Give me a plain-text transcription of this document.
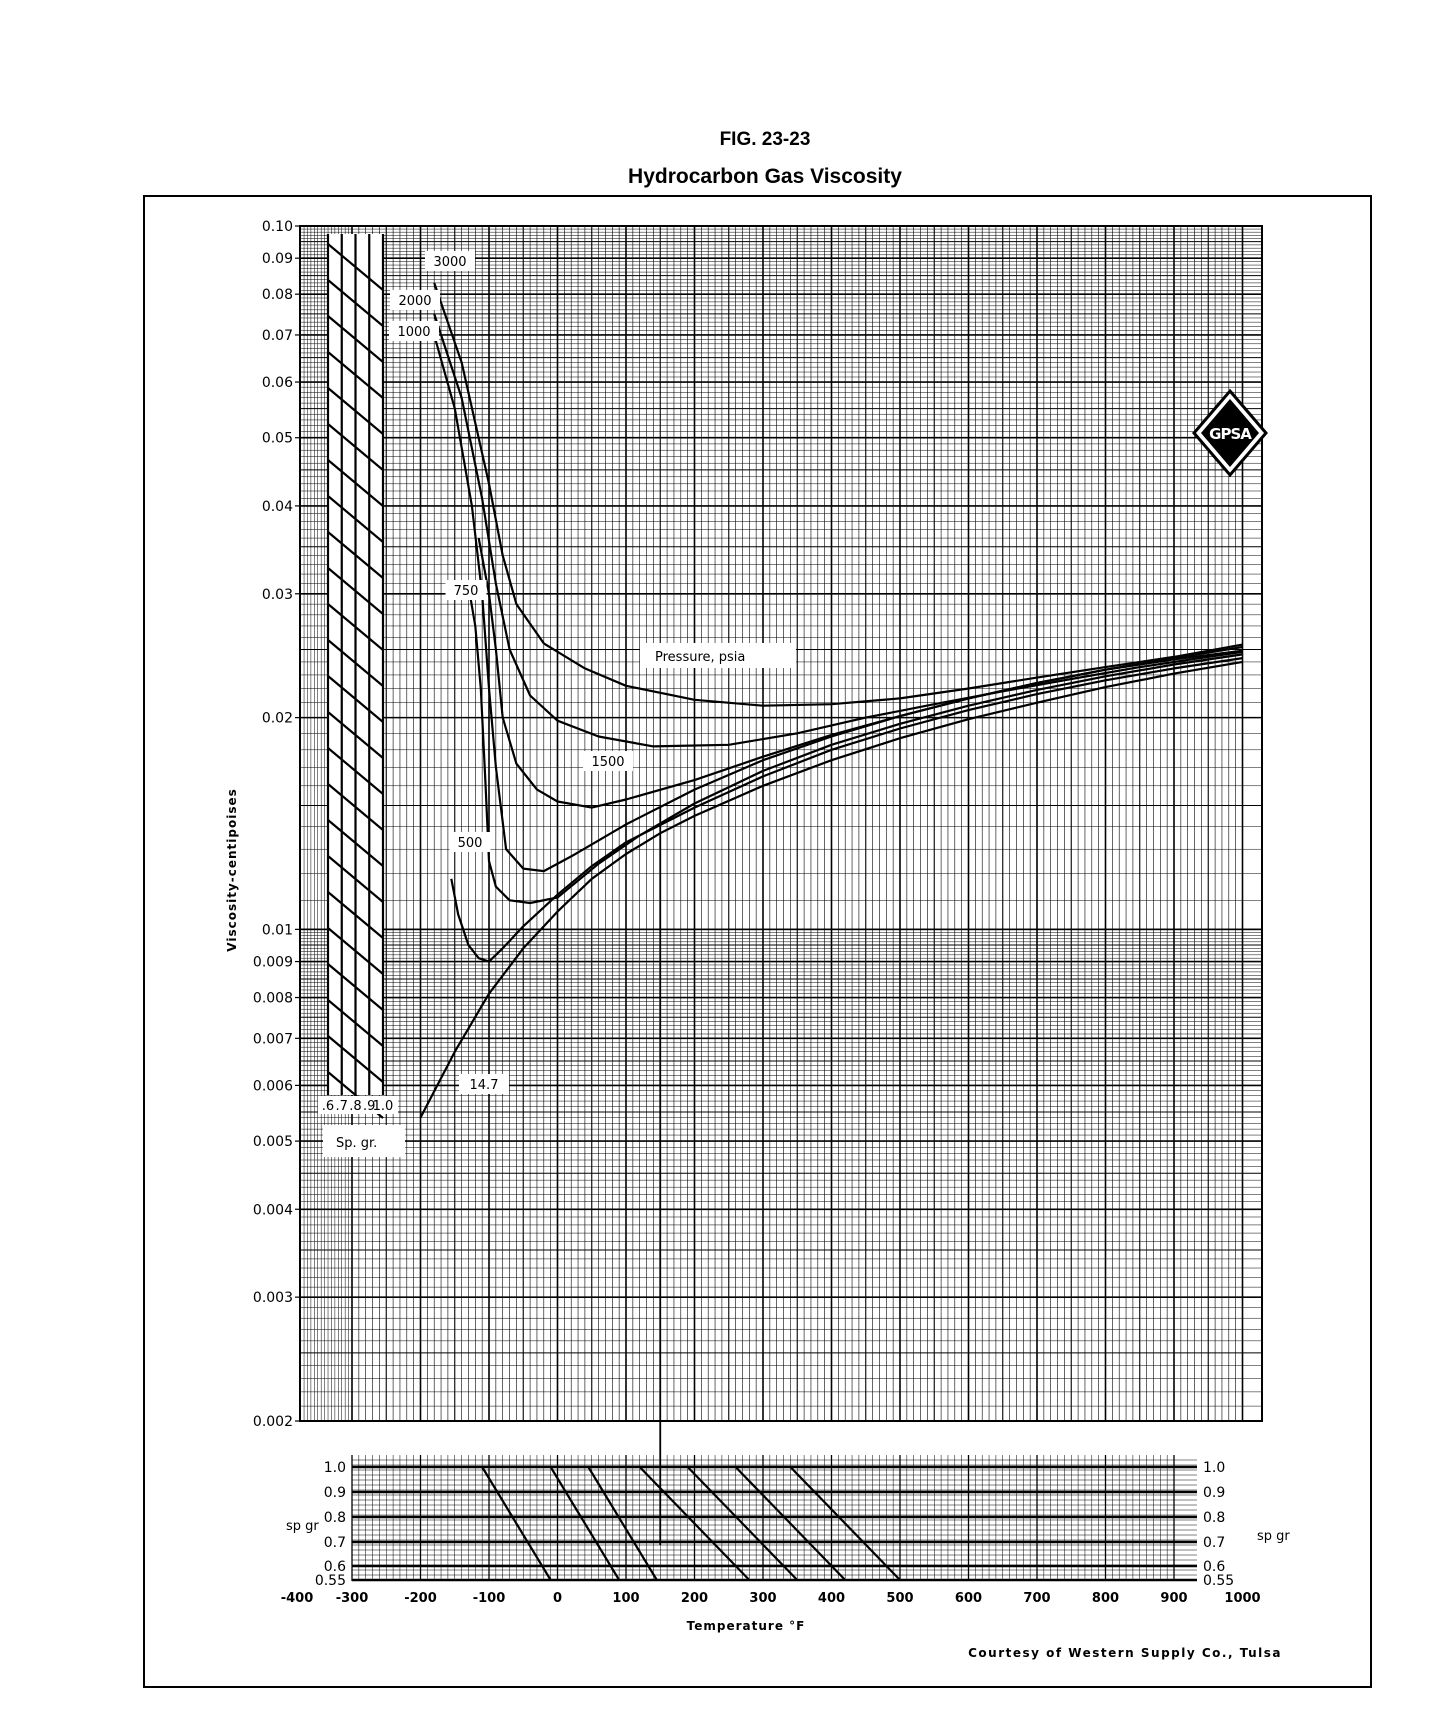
FIG. 23-23
Hydrocarbon Gas Viscosity
.6 .7 .8 .9
1.0
1.0	1.0
0.9	0.9
0.8	0.8
0.7	0.7
0.6	0.6
0.55	0.55
3000
2000
1500
1000
750
500
14.7
0.10
0.09
0.08
0.07
0.06
0.05
0.04
0.03
0.02
0.01
0.009
0.008
0.007
0.006
0.005
0.004
0.003
0.002
-400 -300	-200	-100	0	100	200	300	400	500	600	700	800	900	1000
Viscosity-centipoises
Temperature °F
Courtesy of Western Supply Co., Tulsa
Pressure, psia
Sp. gr.
sp gr
sp gr
GPSA
